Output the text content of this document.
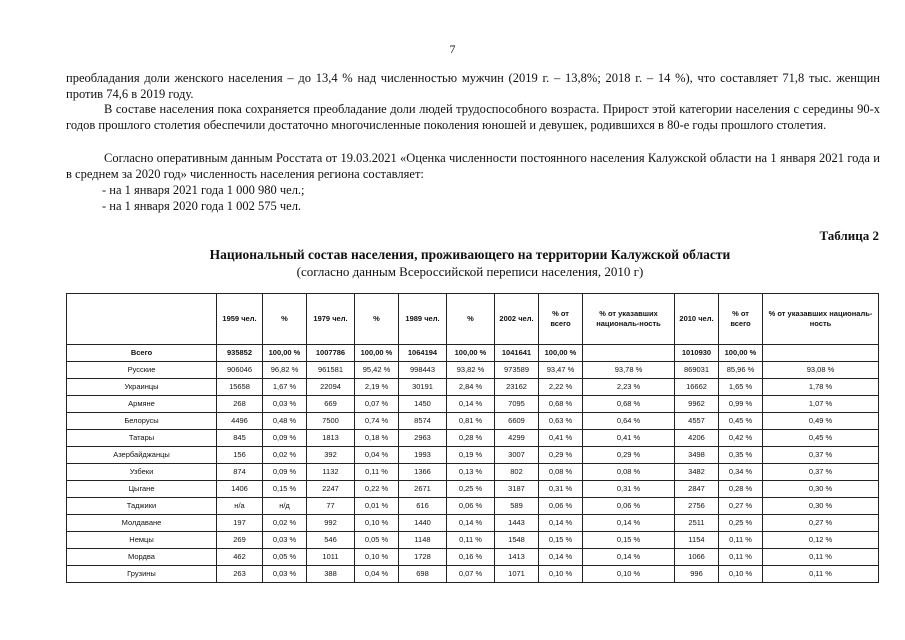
7
преобладания доли женского населения – до 13,4 % над численностью мужчин (2019 г. – 13,8%; 2018 г. – 14 %), что составляет 71,8 тыс. женщин против 74,6 в 2019 году.
В составе населения пока сохраняется преобладание доли людей трудоспособного возраста. Прирост этой категории населения с середины 90-х годов прошлого столетия обеспечили достаточно многочисленные поколения юношей и девушек, родившихся в 80-е годы прошлого столетия.
Согласно оперативным данным Росстата от 19.03.2021 «Оценка численности постоянного населения Калужской области на 1 января 2021 года и в среднем за 2020 год» численность населения региона составляет:
- на 1 января 2021 года 1 000 980 чел.;
- на 1 января 2020 года 1 002 575 чел.
Таблица 2
Национальный состав населения, проживающего на территории Калужской области
(согласно данным Всероссийской переписи населения, 2010 г)
	1959 чел.	%	1979 чел.	%	1989 чел.	%	2002 чел.	% от всего	% от указавших националь-ность	2010 чел.	% от всего	% от указавших националь-ность
Всего	935852	100,00 %	1007786	100,00 %	1064194	100,00 %	1041641	100,00 %		1010930	100,00 %	
Русские	906046	96,82 %	961581	95,42 %	998443	93,82 %	973589	93,47 %	93,78 %	869031	85,96 %	93,08 %
Украинцы	15658	1,67 %	22094	2,19 %	30191	2,84 %	23162	2,22 %	2,23 %	16662	1,65 %	1,78 %
Армяне	268	0,03 %	669	0,07 %	1450	0,14 %	7095	0,68 %	0,68 %	9962	0,99 %	1,07 %
Белорусы	4496	0,48 %	7500	0,74 %	8574	0,81 %	6609	0,63 %	0,64 %	4557	0,45 %	0,49 %
Татары	845	0,09 %	1813	0,18 %	2963	0,28 %	4299	0,41 %	0,41 %	4206	0,42 %	0,45 %
Азербайджанцы	156	0,02 %	392	0,04 %	1993	0,19 %	3007	0,29 %	0,29 %	3498	0,35 %	0,37 %
Узбеки	874	0,09 %	1132	0,11 %	1366	0,13 %	802	0,08 %	0,08 %	3482	0,34 %	0,37 %
Цыгане	1406	0,15 %	2247	0,22 %	2671	0,25 %	3187	0,31 %	0,31 %	2847	0,28 %	0,30 %
Таджики	н/а	н/д	77	0,01 %	616	0,06 %	589	0,06 %	0,06 %	2756	0,27 %	0,30 %
Молдаване	197	0,02 %	992	0,10 %	1440	0,14 %	1443	0,14 %	0,14 %	2511	0,25 %	0,27 %
Немцы	269	0,03 %	546	0,05 %	1148	0,11 %	1548	0,15 %	0,15 %	1154	0,11 %	0,12 %
Мордва	462	0,05 %	1011	0,10 %	1728	0,16 %	1413	0,14 %	0,14 %	1066	0,11 %	0,11 %
Грузины	263	0,03 %	388	0,04 %	698	0,07 %	1071	0,10 %	0,10 %	996	0,10 %	0,11 %
